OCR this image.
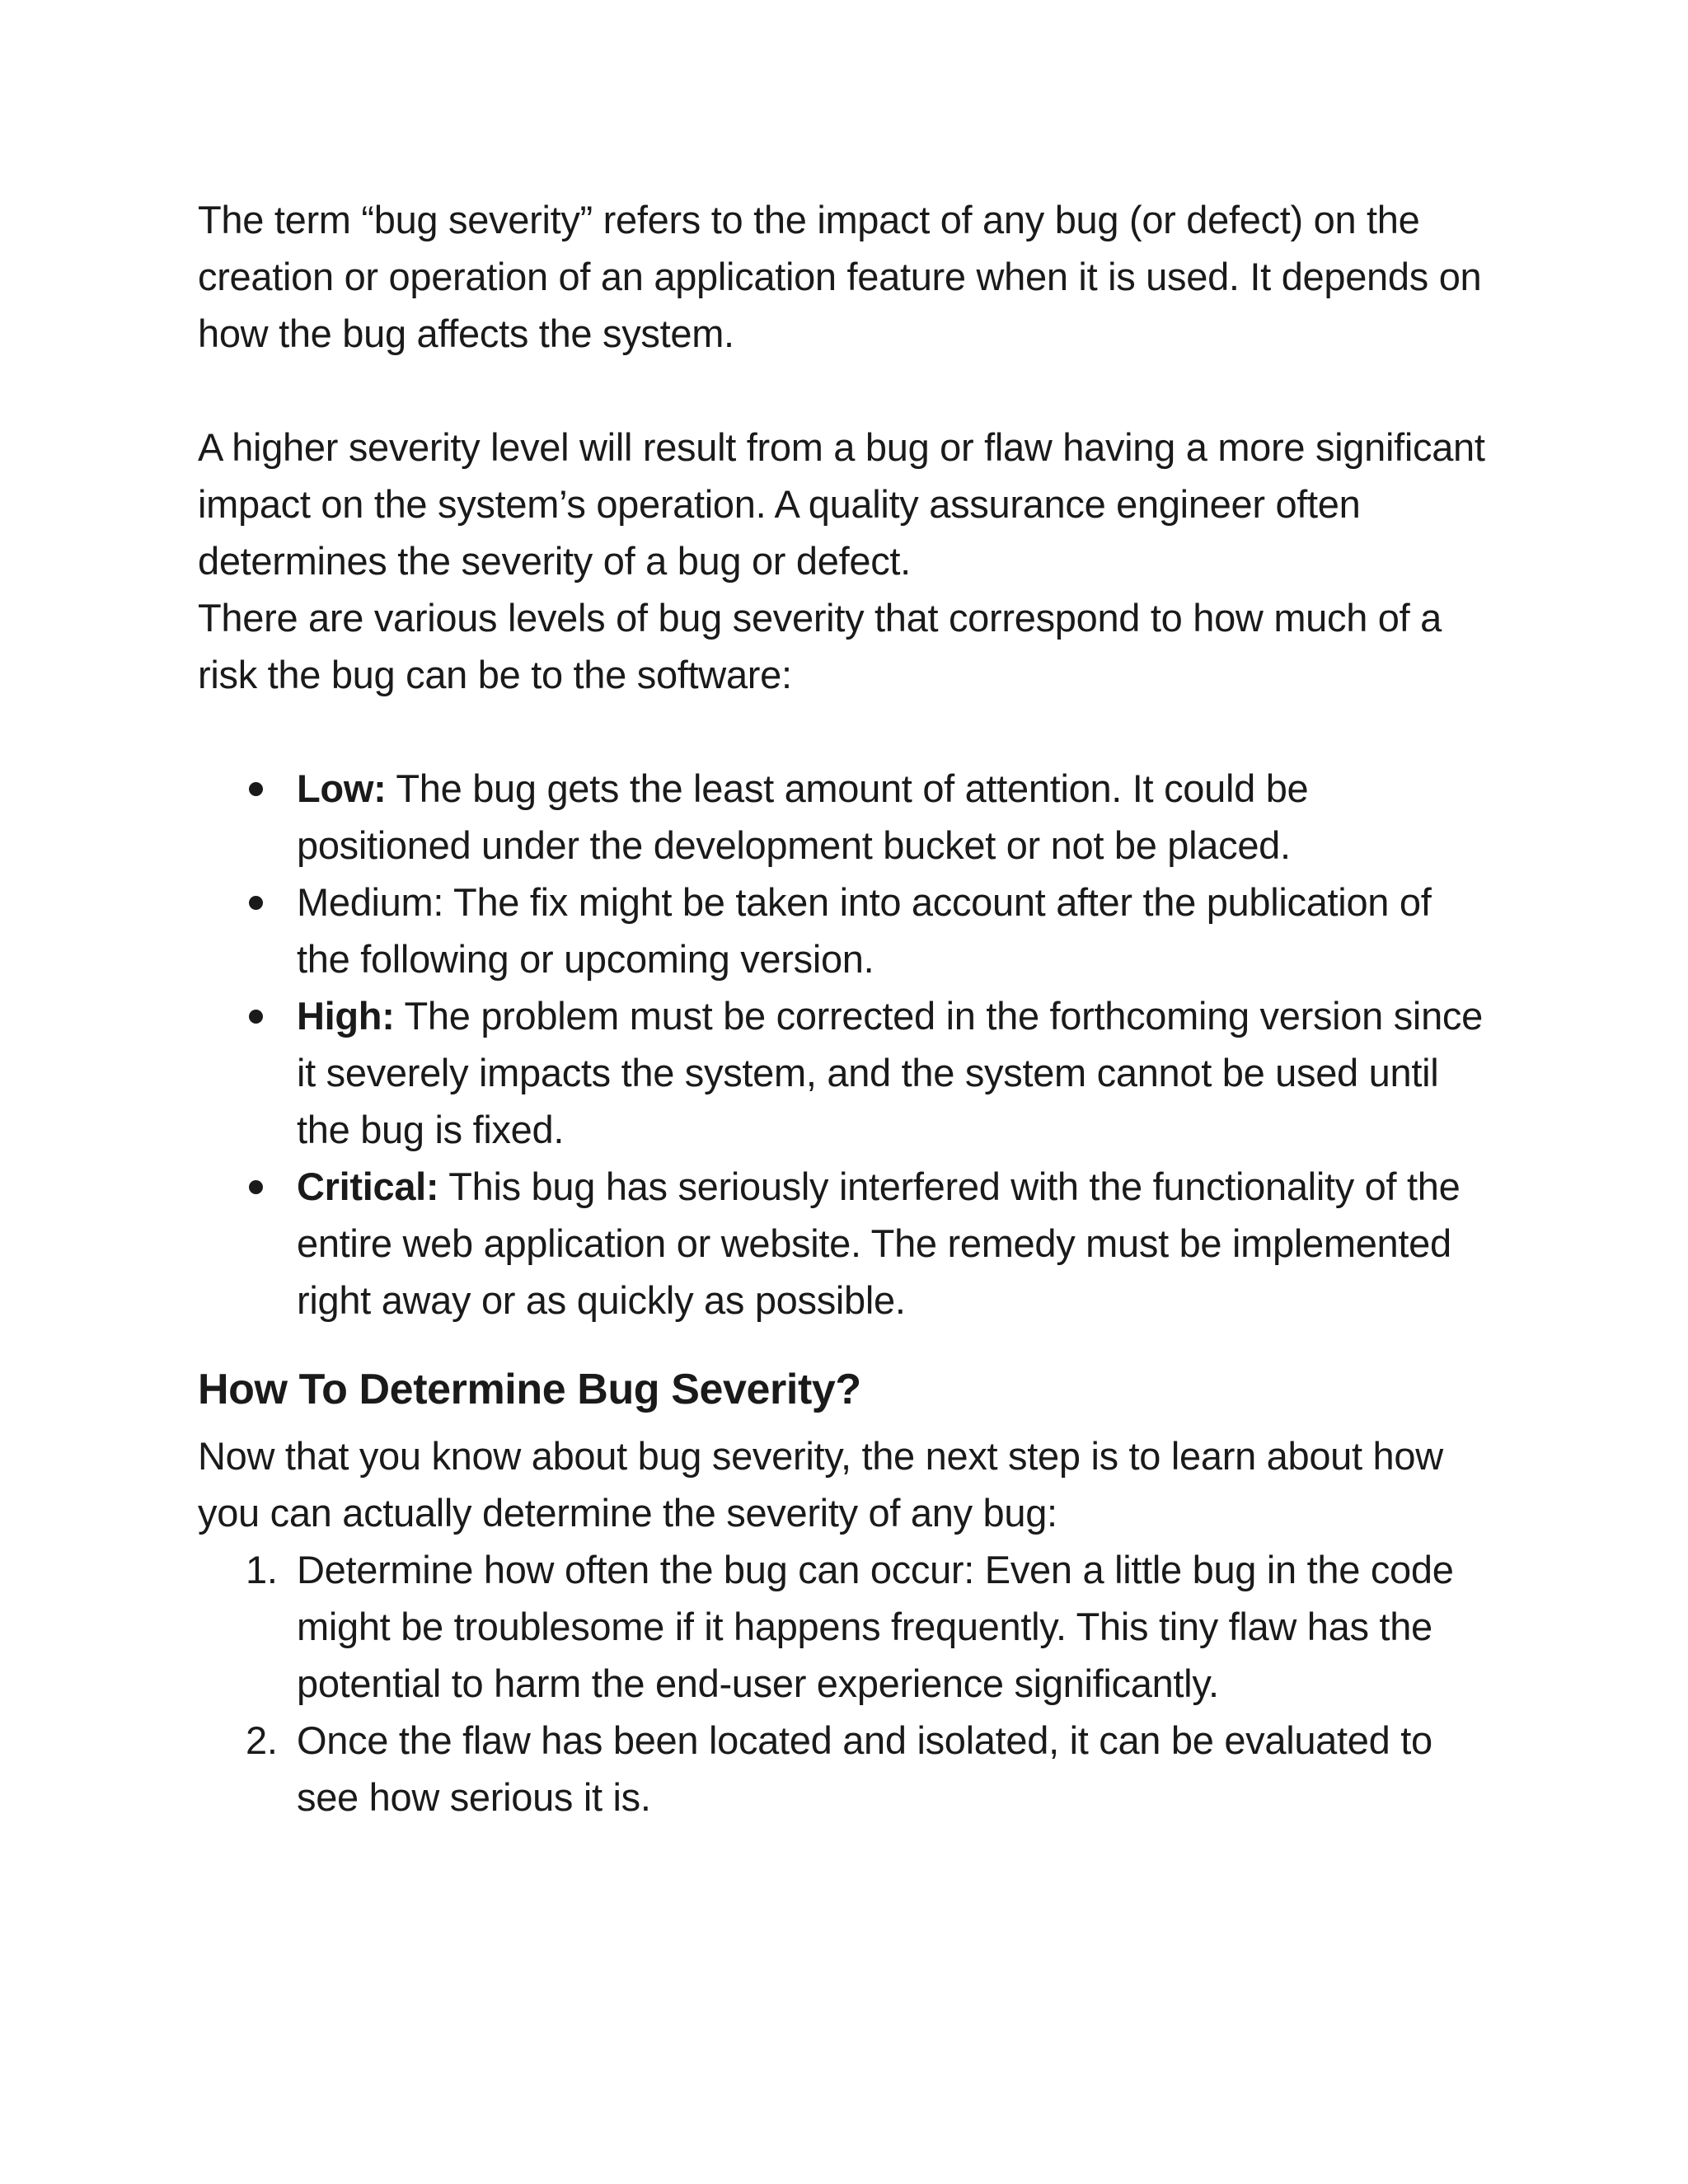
The term “bug severity” refers to the impact of any bug (or defect) on the creation or operation of an application feature when it is used. It depends on how the bug affects the system.

A higher severity level will result from a bug or flaw having a more significant impact on the system’s operation. A quality assurance engineer often determines the severity of a bug or defect.

There are various levels of bug severity that correspond to how much of a risk the bug can be to the software:

Low: The bug gets the least amount of attention. It could be positioned under the development bucket or not be placed.
Medium: The fix might be taken into account after the publication of the following or upcoming version.
High: The problem must be corrected in the forthcoming version since it severely impacts the system, and the system cannot be used until the bug is fixed.
Critical: This bug has seriously interfered with the functionality of the entire web application or website. The remedy must be implemented right away or as quickly as possible.
How To Determine Bug Severity?

Now that you know about bug severity, the next step is to learn about how you can actually determine the severity of any bug:

1. Determine how often the bug can occur: Even a little bug in the code might be troublesome if it happens frequently. This tiny flaw has the potential to harm the end-user experience significantly.
2. Once the flaw has been located and isolated, it can be evaluated to see how serious it is.
